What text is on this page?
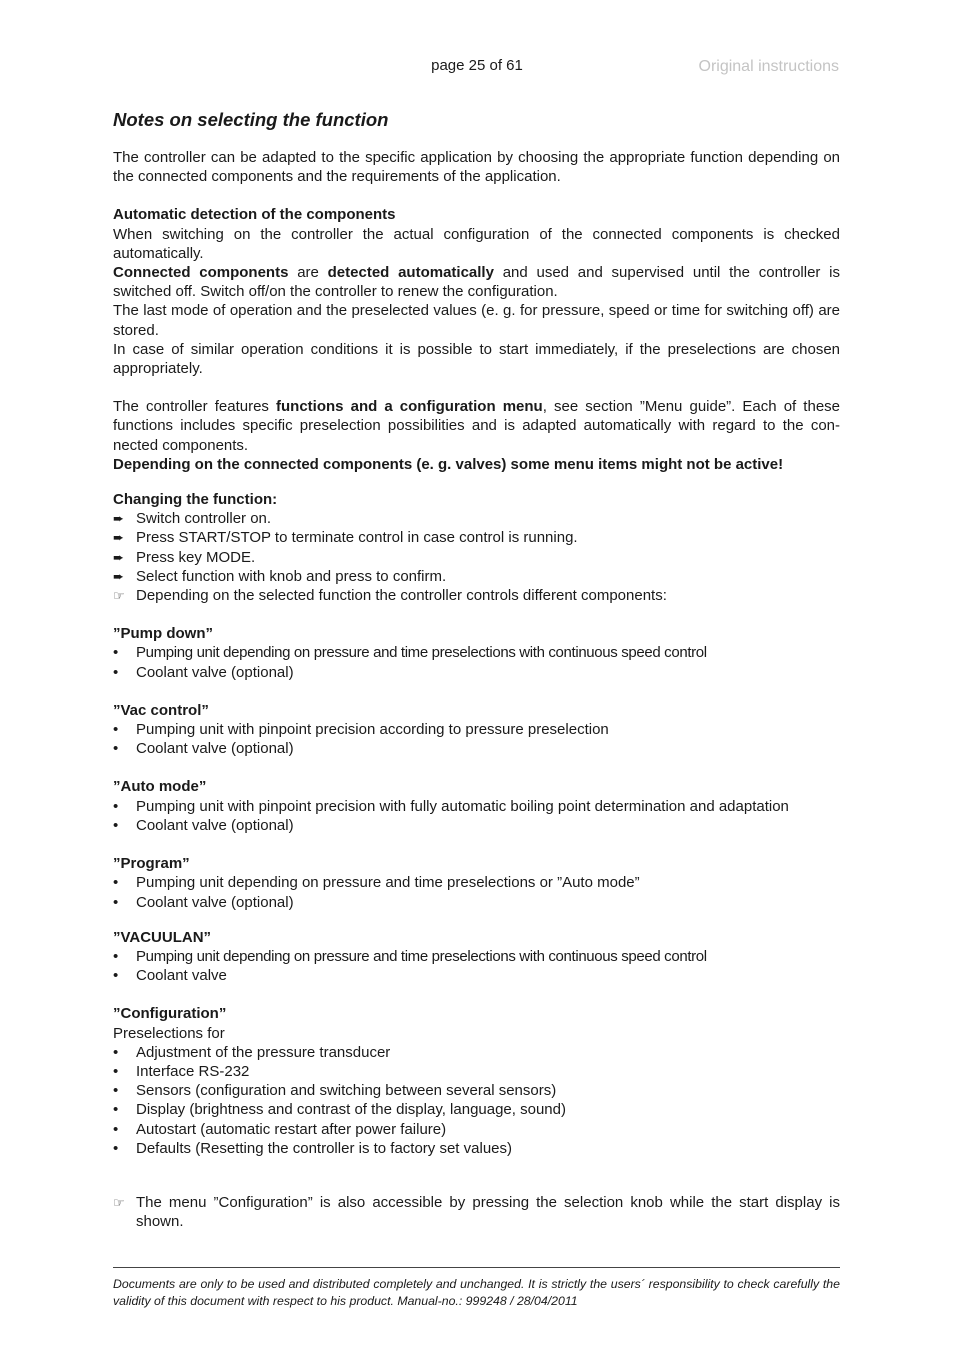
page 25 of 61	Original instructions
Notes on selecting the function

The controller can be adapted to the specific application by choosing the appropriate function depending on the connected components and the requirements of the application.

Automatic detection of the components

When switching on the controller the actual configuration of the connected components is checked automatically.

Connected components are detected automatically and used and supervised until the controller is switched off. Switch off/on the controller to renew the configuration.

The last mode of operation and the preselected values (e. g. for pressure, speed or time for switching off) are stored.

In case of similar operation conditions it is possible to start immediately, if the preselections are chosen appropriately.

The controller features functions and a configuration menu, see section ”Menu guide”. Each of these functions includes specific preselection possibilities and is adapted automatically with regard to the con-nected components.

Depending on the connected components (e. g. valves) some menu items might not be active!

Changing the function:
➨ Switch controller on.
➨ Press START/STOP to terminate control in case control is running.
➨ Press key MODE.
➨ Select function with knob and press to confirm.
☞ Depending on the selected function the controller controls different components:
”Pump down”
•	Pumping unit depending on pressure and time preselections with continuous speed control
•	Coolant valve (optional)
”Vac control”
•	Pumping unit with pinpoint precision according to pressure preselection
•	Coolant valve (optional)
”Auto mode”
•	Pumping unit with pinpoint precision with fully automatic boiling point determination and adaptation
•	Coolant valve (optional)
”Program”
•	Pumping unit depending on pressure and time preselections or ”Auto mode”
•	Coolant valve (optional)
”VACUULAN”
•	Pumping unit depending on pressure and time preselections with continuous speed control
•	Coolant valve
”Configuration”

Preselections for

•	Adjustment of the pressure transducer
•	Interface RS-232
•	Sensors (configuration and switching between several sensors)
•	Display (brightness and contrast of the display, language, sound)
•	Autostart (automatic restart after power failure)
•	Defaults (Resetting the controller is to factory set values)
☞ The menu ”Configuration” is also accessible by pressing the selection knob while the start display is shown.
Documents are only to be used and distributed completely and unchanged. It is strictly the users´ responsibility to check carefully the validity of this document with respect to his product. Manual-no.: 999248 / 28/04/2011
